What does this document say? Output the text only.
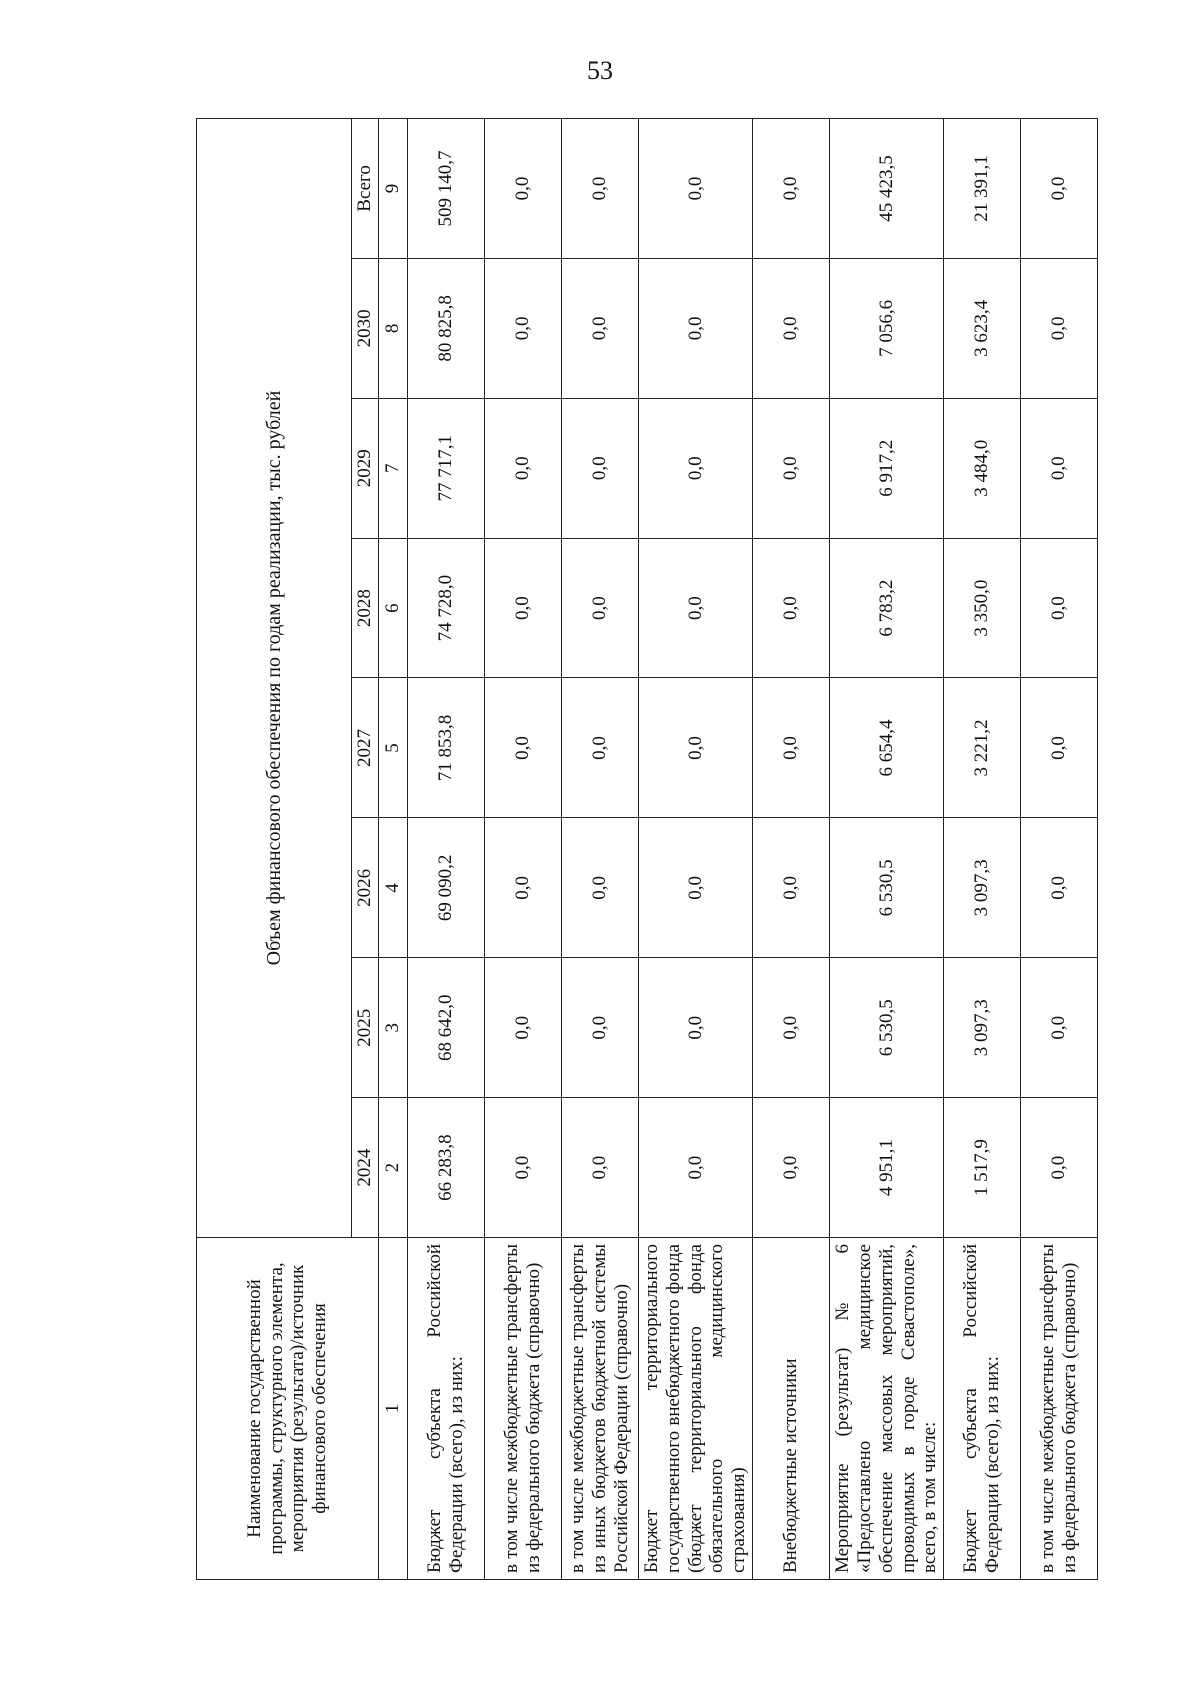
53
Наименование государственной программы, структурного элемента, мероприятия (результата)/источник финансового обеспечения	Объем финансового обеспечения по годам реализации, тыс. рублей							
	2024	2025	2026	2027	2028	2029	2030	Всего
1	2	3	4	5	6	7	8	9
Бюджет субъекта Российской Федерации (всего), из них:	66 283,8	68 642,0	69 090,2	71 853,8	74 728,0	77 717,1	80 825,8	509 140,7
в том числе межбюджетные трансферты из федерального бюджета (справочно)	0,0	0,0	0,0	0,0	0,0	0,0	0,0	0,0
в том числе межбюджетные трансферты из иных бюджетов бюджетной системы Российской Федерации (справочно)	0,0	0,0	0,0	0,0	0,0	0,0	0,0	0,0
Бюджет территориального государственного внебюджетного фонда (бюджет территориального фонда обязательного медицинского страхования)	0,0	0,0	0,0	0,0	0,0	0,0	0,0	0,0
Внебюджетные источники	0,0	0,0	0,0	0,0	0,0	0,0	0,0	0,0
Мероприятие (результат) № 6 «Предоставлено медицинское обеспечение массовых мероприятий, проводимых в городе Севастополе», всего, в том числе:	4 951,1	6 530,5	6 530,5	6 654,4	6 783,2	6 917,2	7 056,6	45 423,5
Бюджет субъекта Российской Федерации (всего), из них:	1 517,9	3 097,3	3 097,3	3 221,2	3 350,0	3 484,0	3 623,4	21 391,1
в том числе межбюджетные трансферты из федерального бюджета (справочно)	0,0	0,0	0,0	0,0	0,0	0,0	0,0	0,0
